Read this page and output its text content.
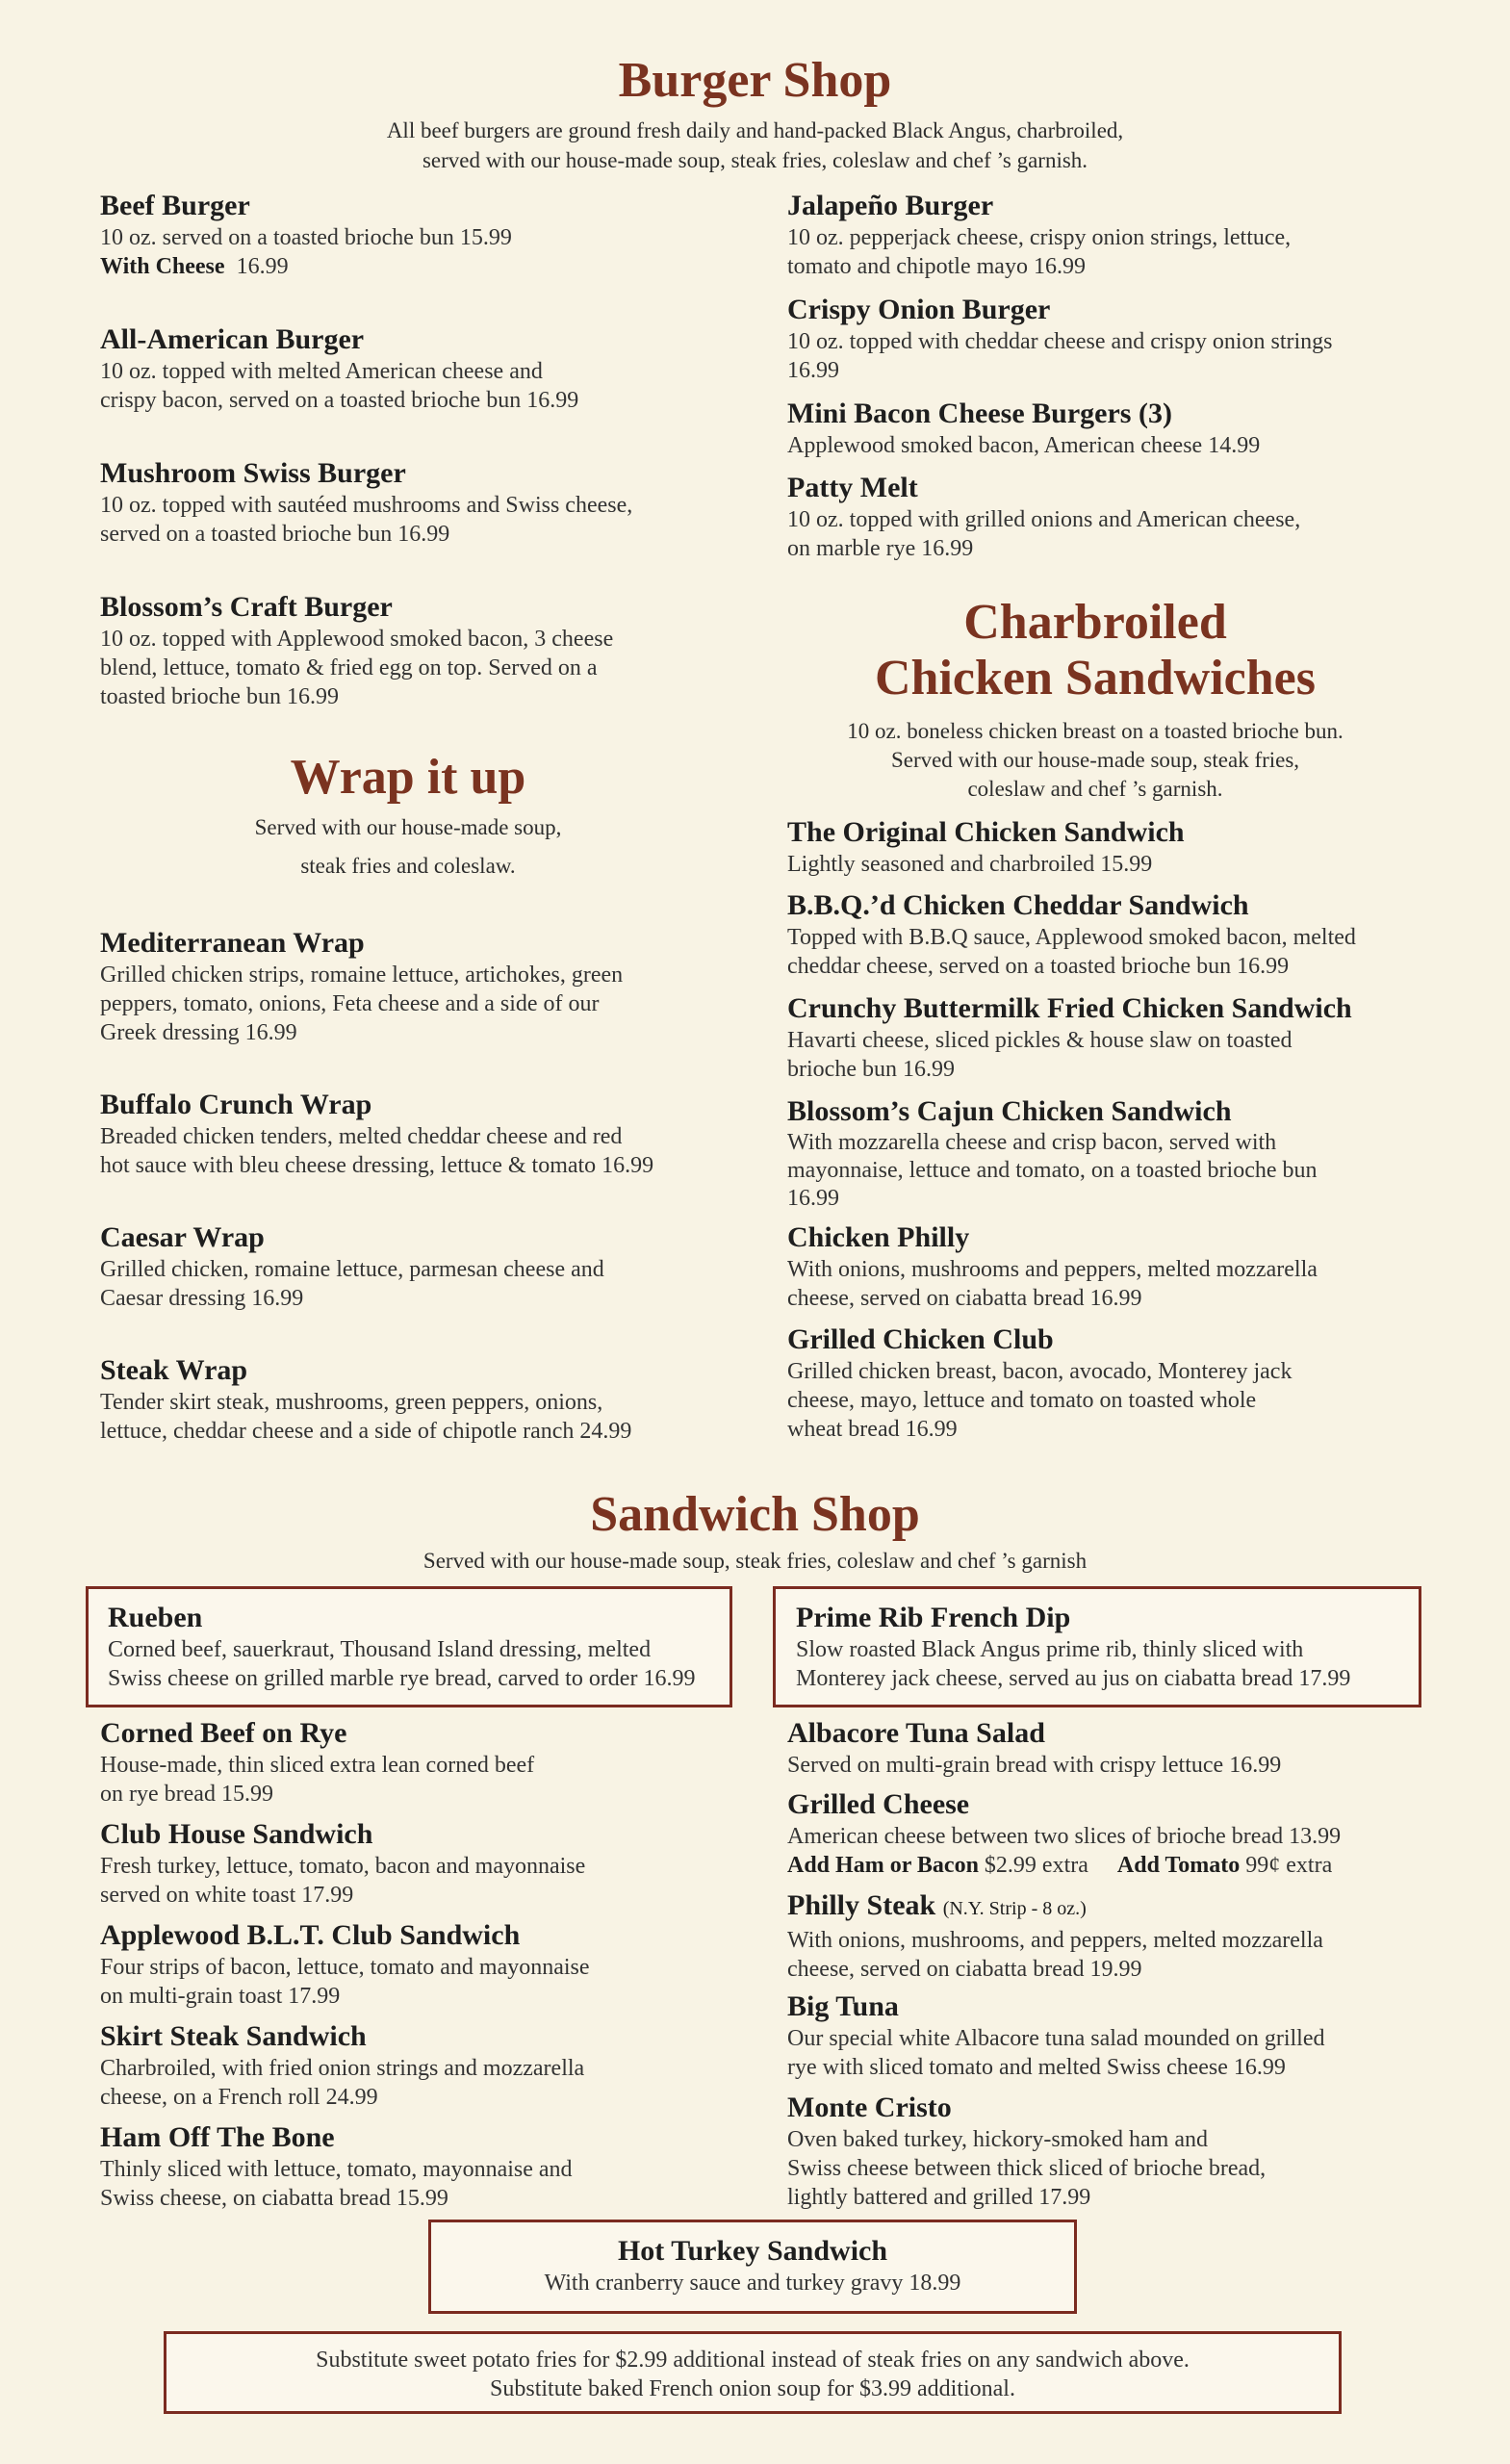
Burger Shop
All beef burgers are ground fresh daily and hand-packed Black Angus, charbroiled,
served with our house-made soup, steak fries, coleslaw and chef ’s garnish.
Beef Burger
10 oz. served on a toasted brioche bun 15.99
With Cheese 16.99
All-American Burger
10 oz. topped with melted American cheese and
crispy bacon, served on a toasted brioche bun 16.99
Mushroom Swiss Burger
10 oz. topped with sautéed mushrooms and Swiss cheese,
served on a toasted brioche bun 16.99
Blossom’s Craft Burger
10 oz. topped with Applewood smoked bacon, 3 cheese
blend, lettuce, tomato & fried egg on top. Served on a
toasted brioche bun 16.99
Jalapeño Burger
10 oz. pepperjack cheese, crispy onion strings, lettuce,
tomato and chipotle mayo 16.99
Crispy Onion Burger
10 oz. topped with cheddar cheese and crispy onion strings
16.99
Mini Bacon Cheese Burgers (3)
Applewood smoked bacon, American cheese 14.99
Patty Melt
10 oz. topped with grilled onions and American cheese,
on marble rye 16.99
Charbroiled
Chicken Sandwiches
10 oz. boneless chicken breast on a toasted brioche bun.
Served with our house-made soup, steak fries,
coleslaw and chef ’s garnish.
The Original Chicken Sandwich
Lightly seasoned and charbroiled 15.99
B.B.Q.’d Chicken Cheddar Sandwich
Topped with B.B.Q sauce, Applewood smoked bacon, melted
cheddar cheese, served on a toasted brioche bun 16.99
Crunchy Buttermilk Fried Chicken Sandwich
Havarti cheese, sliced pickles & house slaw on toasted
brioche bun 16.99
Blossom’s Cajun Chicken Sandwich
With mozzarella cheese and crisp bacon, served with
mayonnaise, lettuce and tomato, on a toasted brioche bun
16.99
Chicken Philly
With onions, mushrooms and peppers, melted mozzarella
cheese, served on ciabatta bread 16.99
Grilled Chicken Club
Grilled chicken breast, bacon, avocado, Monterey jack
cheese, mayo, lettuce and tomato on toasted whole
wheat bread 16.99
Wrap it up
Served with our house-made soup,
steak fries and coleslaw.
Mediterranean Wrap
Grilled chicken strips, romaine lettuce, artichokes, green
peppers, tomato, onions, Feta cheese and a side of our
Greek dressing 16.99
Buffalo Crunch Wrap
Breaded chicken tenders, melted cheddar cheese and red
hot sauce with bleu cheese dressing, lettuce & tomato 16.99
Caesar Wrap
Grilled chicken, romaine lettuce, parmesan cheese and
Caesar dressing 16.99
Steak Wrap
Tender skirt steak, mushrooms, green peppers, onions,
lettuce, cheddar cheese and a side of chipotle ranch 24.99
Sandwich Shop
Served with our house-made soup, steak fries, coleslaw and chef ’s garnish
Rueben
Corned beef, sauerkraut, Thousand Island dressing, melted
Swiss cheese on grilled marble rye bread, carved to order 16.99
Prime Rib French Dip
Slow roasted Black Angus prime rib, thinly sliced with
Monterey jack cheese, served au jus on ciabatta bread 17.99
Corned Beef on Rye
House-made, thin sliced extra lean corned beef
on rye bread 15.99
Club House Sandwich
Fresh turkey, lettuce, tomato, bacon and mayonnaise
served on white toast 17.99
Applewood B.L.T. Club Sandwich
Four strips of bacon, lettuce, tomato and mayonnaise
on multi-grain toast 17.99
Skirt Steak Sandwich
Charbroiled, with fried onion strings and mozzarella
cheese, on a French roll 24.99
Ham Off The Bone
Thinly sliced with lettuce, tomato, mayonnaise and
Swiss cheese, on ciabatta bread 15.99
Albacore Tuna Salad
Served on multi-grain bread with crispy lettuce 16.99
Grilled Cheese
American cheese between two slices of brioche bread 13.99
Add Ham or Bacon $2.99 extra Add Tomato 99¢ extra
Philly Steak (N.Y. Strip - 8 oz.)
With onions, mushrooms, and peppers, melted mozzarella
cheese, served on ciabatta bread 19.99
Big Tuna
Our special white Albacore tuna salad mounded on grilled
rye with sliced tomato and melted Swiss cheese 16.99
Monte Cristo
Oven baked turkey, hickory-smoked ham and
Swiss cheese between thick sliced of brioche bread,
lightly battered and grilled 17.99
Hot Turkey Sandwich
With cranberry sauce and turkey gravy 18.99
Substitute sweet potato fries for $2.99 additional instead of steak fries on any sandwich above.
Substitute baked French onion soup for $3.99 additional.
